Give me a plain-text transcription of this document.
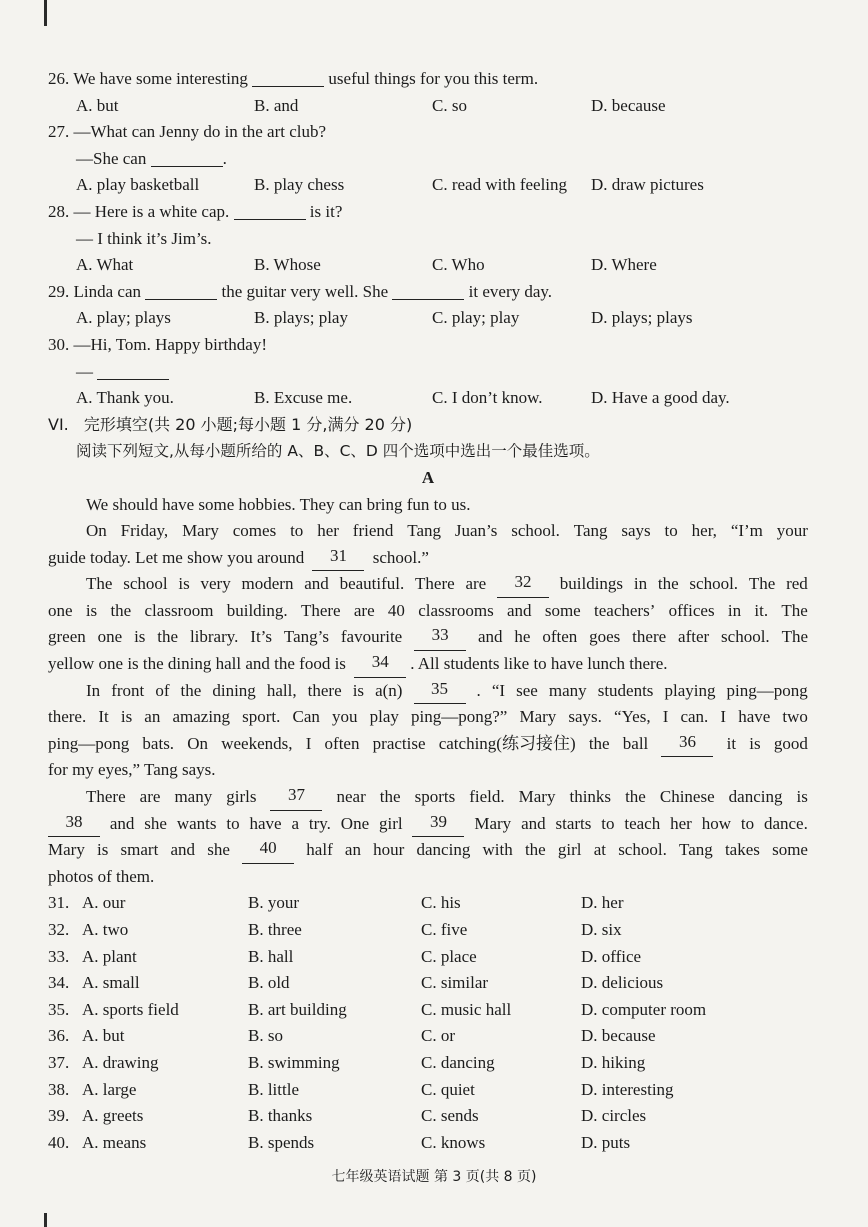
26. We have some interesting	useful things for you this term.
A. but	B. and	C. so	D. because
27. —What can Jenny do in the art club?
—She can	.
A. play basketball	B. play chess	C. read with feeling D. draw pictures
28. — Here is a white cap.	is it?
— I think it’s Jim’s.
A. What	B. Whose	C. Who	D. Where
29. Linda can	the guitar very well. She	it every day.
A. play; plays	B. plays; play	C. play; play	D. plays; plays
30. —Hi, Tom. Happy birthday!
—
A. Thank you.	B. Excuse me.	C. I don’t know.	D. Have a good day.
VI. 完形填空(共 20 小题;每小题 1 分,满分 20 分)
阅读下列短文,从每小题所给的 A、B、C、D 四个选项中选出一个最佳选项。
A
We should have some hobbies. They can bring fun to us.
On Friday, Mary comes to her friend Tang Juan’s school. Tang says to her, “I’m your
guide today. Let me show you around	31	school.”
The school is very modern and beautiful. There are	32	buildings in the school. The red
one is the classroom building. There are 40 classrooms and some teachers’ offices in it. The
green one is the library. It’s Tang’s favourite	33	and he often goes there after school. The
yellow one is the dining hall and the food is	34	. All students like to have lunch there.
In front of the dining hall, there is a(n)	35	. “I see many students playing ping—pong
there. It is an amazing sport. Can you play ping—pong?” Mary says. “Yes, I can. I have two
ping—pong bats. On weekends, I often practise catching(练习接住) the ball	36	it is good
for my eyes,” Tang says.
There are many girls	37	near the sports field. Mary thinks the Chinese dancing is
38	and she wants to have a try. One girl	39	Mary and starts to teach her how to dance.
Mary is smart and she	40	half an hour dancing with the girl at school. Tang takes some
photos of them.
31. A. our	B. your	C. his	D. her
32. A. two	B. three	C. five	D. six
33. A. plant	B. hall	C. place	D. office
34. A. small	B. old	C. similar	D. delicious
35. A. sports field	B. art building	C. music hall	D. computer room
36. A. but	B. so	C. or	D. because
37. A. drawing	B. swimming	C. dancing	D. hiking
38. A. large	B. little	C. quiet	D. interesting
39. A. greets	B. thanks	C. sends	D. circles
40. A. means	B. spends	C. knows	D. puts
七年级英语试题 第 3 页(共 8 页)
